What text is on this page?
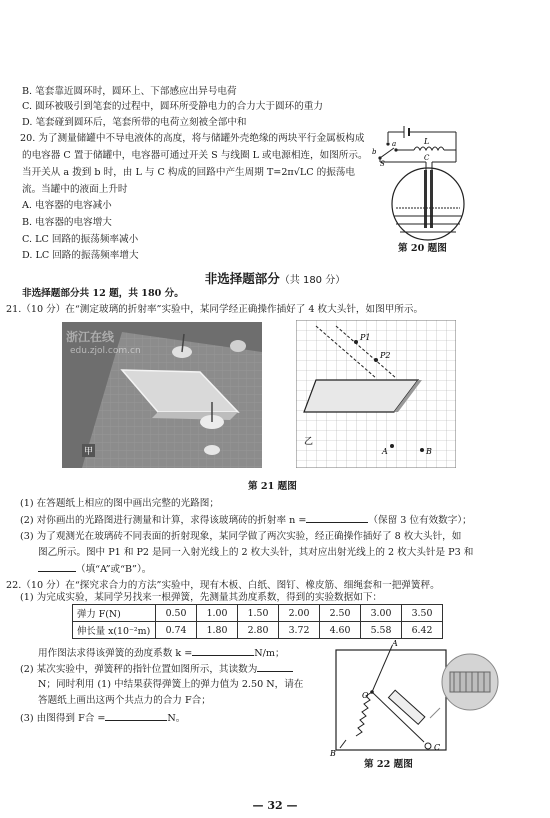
B. 笔套靠近圆环时，圆环上、下部感应出异号电荷
C. 圆环被吸引到笔套的过程中，圆环所受静电力的合力大于圆环的重力
D. 笔套碰到圆环后，笔套所带的电荷立刻被全部中和
20. 为了测量储罐中不导电液体的高度，将与储罐外壳绝缘的两块平行金属板构成
的电容器 C 置于储罐中，电容器可通过开关 S 与线圈 L 或电源相连，如图所示。
当开关从 a 拨到 b 时，由 L 与 C 构成的回路中产生周期 T=2π√LC 的振荡电
流。当罐中的液面上升时
A. 电容器的电容减小
B. 电容器的电容增大
C. LC 回路的振荡频率减小
D. LC 回路的振荡频率增大
L
a
b
S
C
第 20 题图
非选择题部分（共 180 分）
非选择题部分共 12 题，共 180 分。
21.（10 分）在“测定玻璃的折射率”实验中，某同学经正确操作插好了 4 枚大头针，如图甲所示。
甲
浙江在线
edu.zjol.com.cn
P1
P2
A	B
乙
第 21 题图
(1) 在答题纸上相应的图中画出完整的光路图；
(2) 对你画出的光路图进行测量和计算，求得该玻璃砖的折射率 n =	（保留 3 位有效数字）；
(3) 为了观测光在玻璃砖不同表面的折射现象，某同学做了两次实验，经正确操作插好了 8 枚大头针，如
图乙所示。图中 P1 和 P2 是同一入射光线上的 2 枚大头针，其对应出射光线上的 2 枚大头针是 P3 和
（填“A”或“B”）。
22.（10 分）在“探究求合力的方法”实验中，现有木板、白纸、图钉、橡皮筋、细绳套和一把弹簧秤。
(1) 为完成实验，某同学另找来一根弹簧，先测量其劲度系数，得到的实验数据如下：
弹力 F(N)	0.50	1.00	1.50	2.00	2.50	3.00	3.50
伸长量 x(10⁻²m)	0.74	1.80	2.80	3.72	4.60	5.58	6.42
用作图法求得该弹簧的劲度系数 k =	N/m；
(2) 某次实验中，弹簧秤的指针位置如图所示，其读数为
N；同时利用 (1) 中结果获得弹簧上的弹力值为 2.50 N，请在
答题纸上画出这两个共点力的合力 F合；
(3) 由图得到 F合 =	N。
A
O
B
C
第 22 题图
— 32 —
